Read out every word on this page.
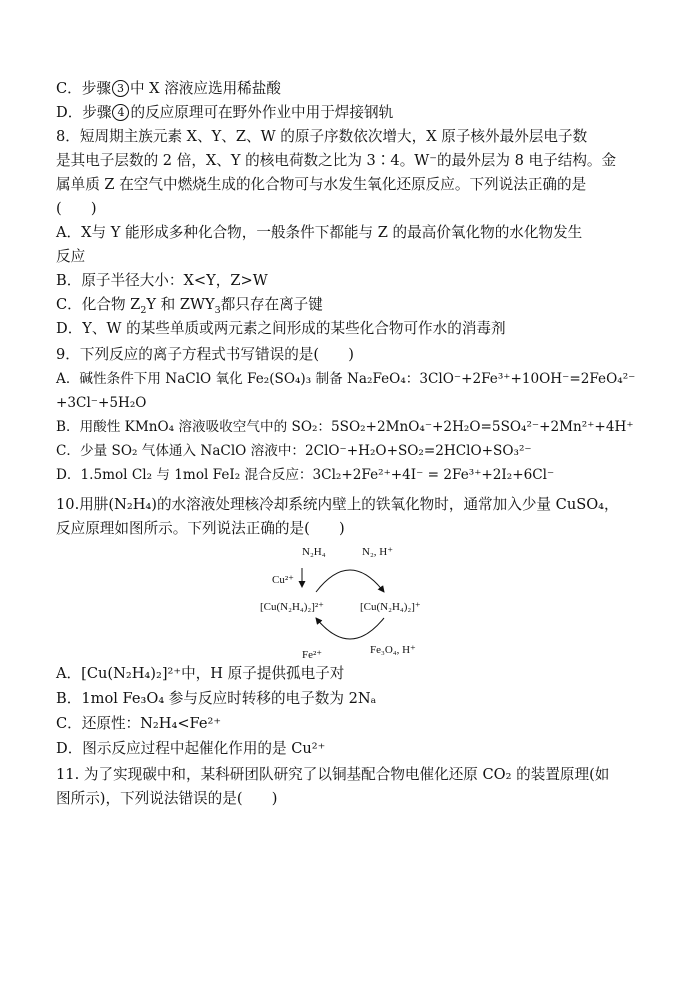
C．步骤 3 中 X 溶液应选用稀盐酸
D．步骤 4 的反应原理可在野外作业中用于焊接钢轨
8．短周期主族元素 X、Y、Z、W 的原子序数依次增大，X 原子核外最外层电子数
是其电子层数的 2 倍，X、Y 的核电荷数之比为 3∶4。W⁻的最外层为 8 电子结构。金
属单质 Z 在空气中燃烧生成的化合物可与水发生氧化还原反应。下列说法正确的是
(　　)
A．X与 Y 能形成多种化合物，一般条件下都能与 Z 的最高价氧化物的水化物发生
反应
B．原子半径大小：X<Y，Z>W
C．化合物 $Z_2Y$ 和 $ZWY_3$都只存在离子键
D．Y、W 的某些单质或两元素之间形成的某些化合物可作水的消毒剂
9．下列反应的离子方程式书写错误的是(　　)
A．碱性条件下用 NaClO 氧化 Fe₂(SO₄)₃ 制备 Na₂FeO₄：3ClO⁻+2Fe³⁺+10OH⁻=2FeO₄²⁻
+3Cl⁻+5H₂O
B．用酸性 KMnO₄ 溶液吸收空气中的 SO₂：5SO₂+2MnO₄⁻+2H₂O=5SO₄²⁻+2Mn²⁺+4H⁺
C．少量 SO₂ 气体通入 NaClO 溶液中：2ClO⁻+H₂O+SO₂=2HClO+SO₃²⁻
D．1.5mol Cl₂ 与 1mol FeI₂ 混合反应：3Cl₂+2Fe²⁺+4I⁻ = 2Fe³⁺+2I₂+6Cl⁻
10.用肼(N₂H₄)的水溶液处理核冷却系统内壁上的铁氧化物时，通常加入少量 CuSO₄，
反应原理如图所示。下列说法正确的是(　　)
N₂H₄	N₂, H⁺
Cu²⁺
[Cu(N₂H₄)₂]²⁺	[Cu(N₂H₄)₂]⁺
Fe²⁺	Fe₃O₄, H⁺
A．[Cu(N₂H₄)₂]²⁺中，H 原子提供孤电子对
B．1mol Fe₃O₄ 参与反应时转移的电子数为 2Nₐ
C．还原性：N₂H₄<Fe²⁺
D．图示反应过程中起催化作用的是 Cu²⁺
11. 为了实现碳中和，某科研团队研究了以铜基配合物电催化还原 CO₂ 的装置原理(如
图所示)，下列说法错误的是(　　)
